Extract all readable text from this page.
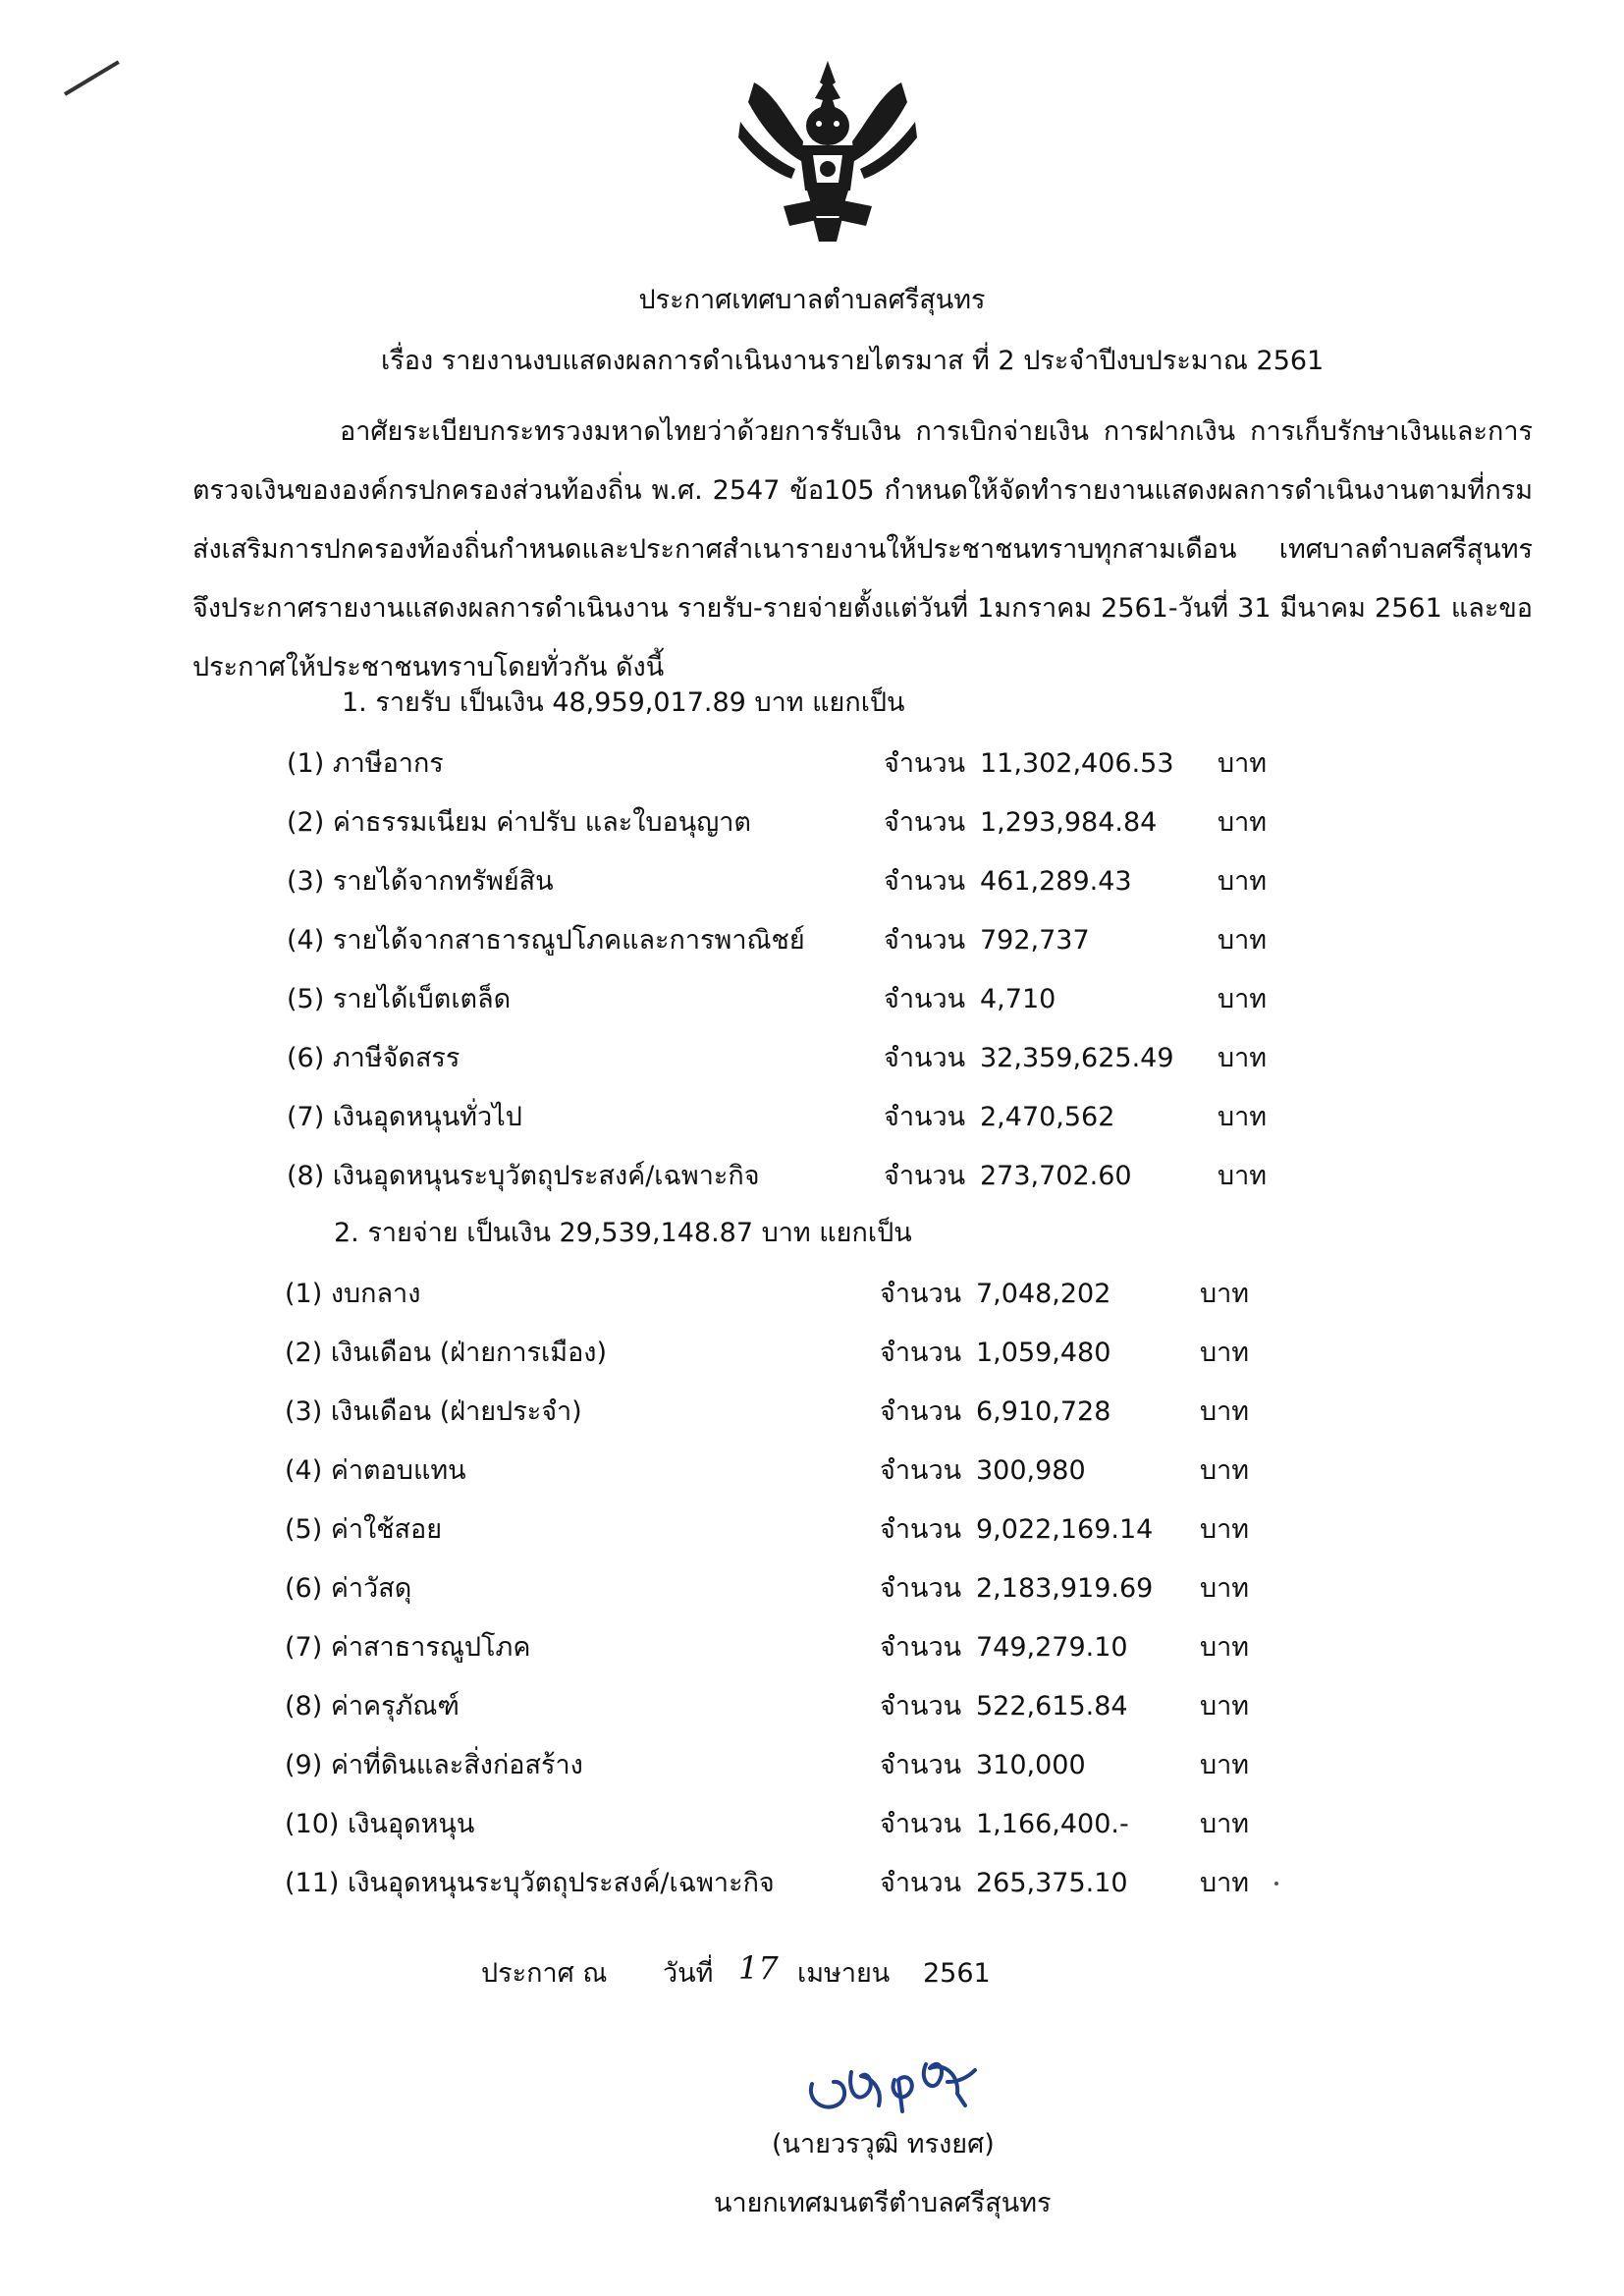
ประกาศเทศบาลตำบลศรีสุนทร
เรื่อง รายงานงบแสดงผลการดำเนินงานรายไตรมาส ที่ 2 ประจำปีงบประมาณ 2561
อาศัยระเบียบกระทรวงมหาดไทยว่าด้วยการรับเงิน การเบิกจ่ายเงิน การฝากเงิน การเก็บรักษาเงินและการตรวจเงินขององค์กรปกครองส่วนท้องถิ่น พ.ศ. 2547 ข้อ105 กำหนดให้จัดทำรายงานแสดงผลการดำเนินงานตามที่กรมส่งเสริมการปกครองท้องถิ่นกำหนดและประกาศสำเนารายงานให้ประชาชนทราบทุกสามเดือน เทศบาลตำบลศรีสุนทร จึงประกาศรายงานแสดงผลการดำเนินงาน รายรับ-รายจ่ายตั้งแต่วันที่ 1มกราคม 2561-วันที่ 31 มีนาคม 2561 และขอประกาศให้ประชาชนทราบโดยทั่วกัน ดังนี้
1. รายรับ เป็นเงิน 48,959,017.89 บาท แยกเป็น
(1) ภาษีอากร	จำนวน 11,302,406.53 บาท
(2) ค่าธรรมเนียม ค่าปรับ และใบอนุญาต	จำนวน 1,293,984.84 บาท
(3) รายได้จากทรัพย์สิน	จำนวน 461,289.43	บาท
(4) รายได้จากสาธารณูปโภคและการพาณิชย์	จำนวน 792,737	บาท
(5) รายได้เบ็ตเตล็ด	จำนวน 4,710	บาท
(6) ภาษีจัดสรร	จำนวน 32,359,625.49 บาท
(7) เงินอุดหนุนทั่วไป	จำนวน 2,470,562	บาท
(8) เงินอุดหนุนระบุวัตถุประสงค์/เฉพาะกิจ	จำนวน 273,702.60	บาท
2. รายจ่าย เป็นเงิน 29,539,148.87 บาท แยกเป็น
(1) งบกลาง	จำนวน 7,048,202	บาท
(2) เงินเดือน (ฝ่ายการเมือง)	จำนวน 1,059,480	บาท
(3) เงินเดือน (ฝ่ายประจำ)	จำนวน 6,910,728	บาท
(4) ค่าตอบแทน	จำนวน 300,980	บาท
(5) ค่าใช้สอย	จำนวน 9,022,169.14 บาท
(6) ค่าวัสดุ	จำนวน 2,183,919.69 บาท
(7) ค่าสาธารณูปโภค	จำนวน 749,279.10	บาท
(8) ค่าครุภัณฑ์	จำนวน 522,615.84	บาท
(9) ค่าที่ดินและสิ่งก่อสร้าง	จำนวน 310,000	บาท
(10) เงินอุดหนุน	จำนวน 1,166,400.-	บาท
(11) เงินอุดหนุนระบุวัตถุประสงค์/เฉพาะกิจ	จำนวน 265,375.10	บาท
ประกาศ ณ วันที่ 17 เมษายน 2561
(นายวรวุฒิ ทรงยศ)
นายกเทศมนตรีตำบลศรีสุนทร
